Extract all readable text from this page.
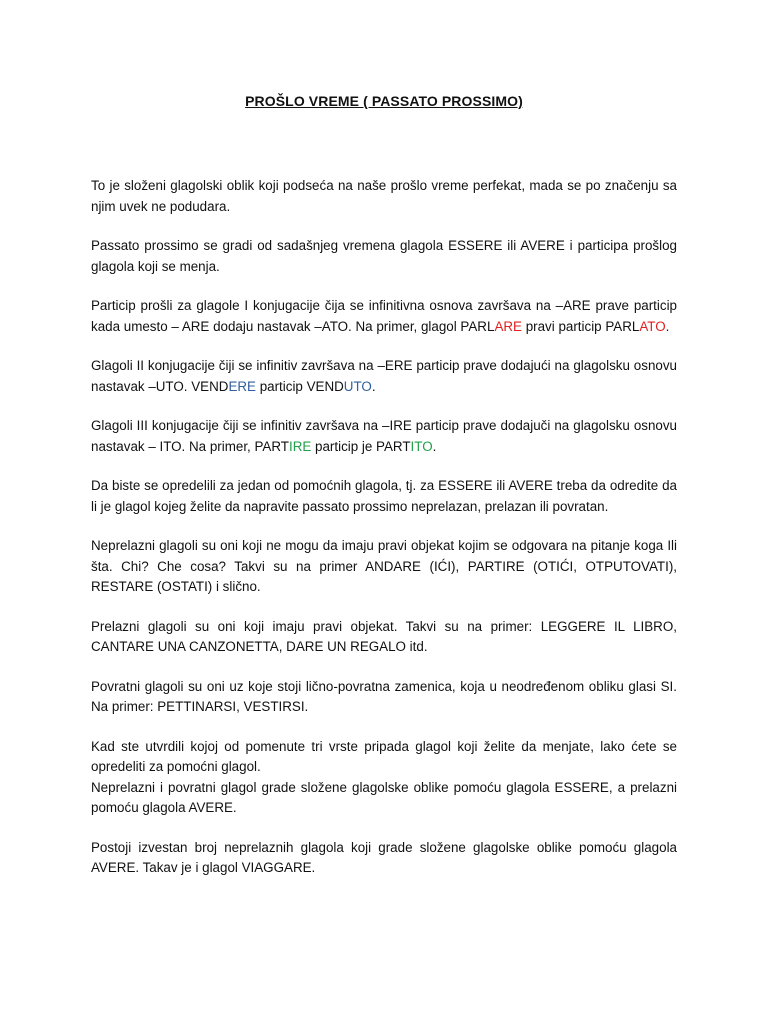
PROŠLO VREME ( PASSATO PROSSIMO)

To je složeni glagolski oblik koji podseća na naše prošlo vreme perfekat, mada se po značenju sa njim uvek ne podudara.

Passato prossimo se gradi od sadašnjeg vremena glagola ESSERE ili AVERE i participa prošlog glagola koji se menja.

Particip prošli za glagole I konjugacije čija se infinitivna osnova završava na –ARE prave particip kada umesto – ARE dodaju nastavak –ATO. Na primer, glagol PARLARE pravi particip PARLATO.

Glagoli II konjugacije čiji se infinitiv završava na –ERE particip prave dodajući na glagolsku osnovu nastavak –UTO. VENDERE particip VENDUTO.

Glagoli III konjugacije čiji se infinitiv završava na –IRE particip prave dodajuči na glagolsku osnovu nastavak – ITO. Na primer, PARTIRE particip je PARTITO.

Da biste se opredelili za jedan od pomoćnih glagola, tj. za ESSERE ili AVERE treba da odredite da li je glagol kojeg želite da napravite passato prossimo neprelazan, prelazan ili povratan.

Neprelazni glagoli su oni koji ne mogu da imaju pravi objekat kojim se odgovara na pitanje koga Ili šta. Chi? Che cosa? Takvi su na primer ANDARE (IĆI), PARTIRE (OTIĆI, OTPUTOVATI), RESTARE (OSTATI) i slično.

Prelazni glagoli su oni koji imaju pravi objekat. Takvi su na primer: LEGGERE IL LIBRO, CANTARE UNA CANZONETTA, DARE UN REGALO itd.

Povratni glagoli su oni uz koje stoji lično-povratna zamenica, koja u neodređenom obliku glasi SI. Na primer: PETTINARSI, VESTIRSI.

Kad ste utvrdili kojoj od pomenute tri vrste pripada glagol koji želite da menjate, lako ćete se opredeliti za pomoćni glagol.

Neprelazni i povratni glagol grade složene glagolske oblike pomoću glagola ESSERE, a prelazni pomoću glagola AVERE.

Postoji izvestan broj neprelaznih glagola koji grade složene glagolske oblike pomoću glagola AVERE. Takav je i glagol VIAGGARE.
